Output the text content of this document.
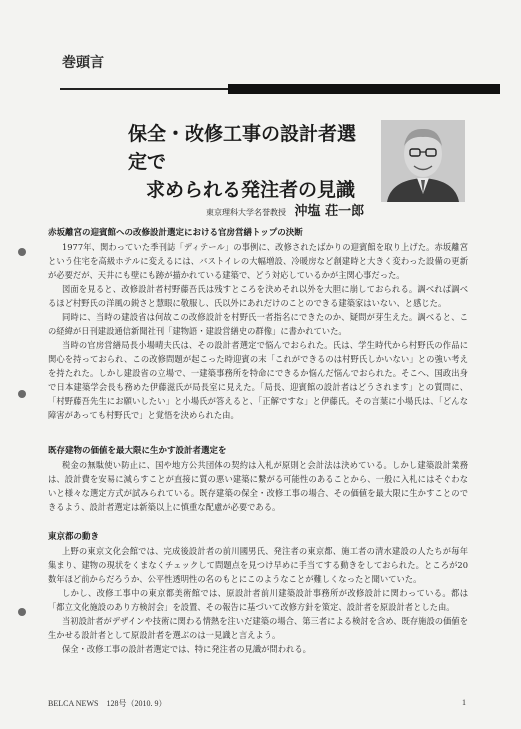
巻頭言
保全・改修工事の設計者選定で
求められる発注者の見識
東京理科大学名誉教授 沖塩 荘一郎
赤坂離宮の迎賓館への改修設計選定における官房営繕トップの決断

1977年、関わっていた季刊誌「ディテール」の事例に、改修されたばかりの迎賓館を取り上げた。赤坂離宮という住宅を高級ホテルに変えるには、バストイレの大幅増設、冷暖房など創建時と大きく変わった設備の更新が必要だが、天井にも壁にも跡が描かれている建築で、どう対応しているかが主関心事だった。

図面を見ると、改修設計者村野藤吾氏は残すところを決めそれ以外を大胆に崩しておられる。調べれば調べるほど村野氏の洋風の鋭さと慧眼に敬服し、氏以外にあれだけのことのできる建築家はいない、と感じた。

同時に、当時の建設省は何故この改修設計を村野氏一者指名にできたのか、疑問が芽生えた。調べると、この経緯が日刊建設通信新聞社刊「建物語・建設営繕史の群像」に書かれていた。

当時の官房営繕局長小場晴夫氏は、その設計者選定で悩んでおられた。氏は、学生時代から村野氏の作品に関心を持っておられ、この改修問題が起こった時迎賓の末「これができるのは村野氏しかいない」との強い考えを持たれた。しかし建設省の立場で、一建築事務所を特命にできるか悩んだ悩んでおられた。そこへ、国政出身で日本建築学会長も務めた伊藤滋氏が局長室に見えた。「局長、迎賓館の設計者はどうされます」との質問に、「村野藤吾先生にお願いしたい」と小場氏が答えると、「正解ですな」と伊藤氏。その言葉に小場氏は、「どんな障害があっても村野氏で」と覚悟を決められた由。

既存建物の価値を最大限に生かす設計者選定を

税金の無駄使い防止に、国や地方公共団体の契約は入札が原則と会計法は決めている。しかし建築設計業務は、設計費を安易に減らすことが直接に質の悪い建築に繋がる可能性のあることから、一般に入札にはそぐわないと様々な選定方式が試みられている。既存建築の保全・改修工事の場合、その価値を最大限に生かすことのできるよう、設計者選定は新築以上に慎重な配慮が必要である。

東京都の動き

上野の東京文化会館では、完成後設計者の前川國男氏、発注者の東京都、施工者の清水建設の人たちが毎年集まり、建物の現状をくまなくチェックして問題点を見つけ早めに手当てする動きをしておられた。ところが20数年ほど前からだろうか、公平性透明性の名のもとにこのようなことが難しくなったと聞いていた。

しかし、改修工事中の東京都美術館では、原設計者前川建築設計事務所が改修設計に関わっている。都は「都立文化施設のあり方検討会」を設置、その報告に基づいて改修方針を策定、設計者を原設計者とした由。

当初設計者がデザインや技術に関わる情熱を注いだ建築の場合、第三者による検討を含め、既存施設の価値を生かせる設計者として原設計者を選ぶのは一見識と言えよう。

保全・改修工事の設計者選定では、特に発注者の見識が問われる。

BELCA NEWS　128号（2010. 9）	1
